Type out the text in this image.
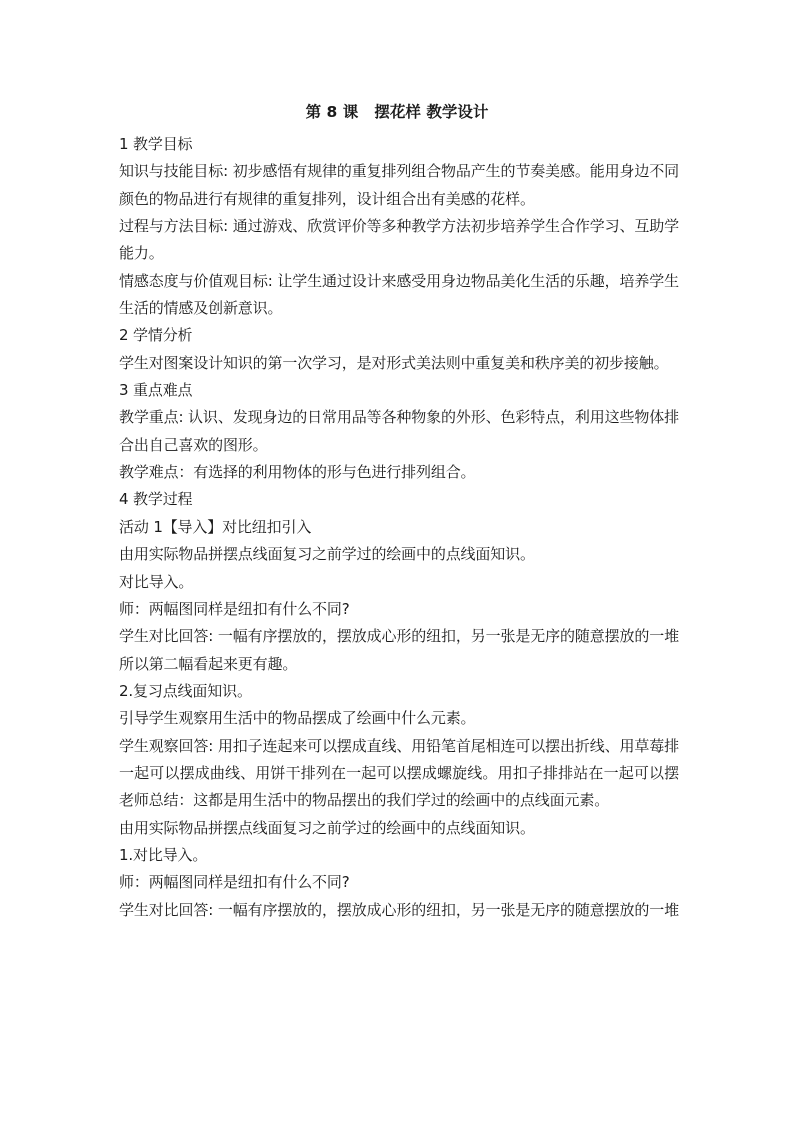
第 8 课   摆花样 教学设计
1 教学目标
知识与技能目标: 初步感悟有规律的重复排列组合物品产生的节奏美感。能用身边不同
颜色的物品进行有规律的重复排列，设计组合出有美感的花样。
过程与方法目标: 通过游戏、欣赏评价等多种教学方法初步培养学生合作学习、互助学
能力。
情感态度与价值观目标: 让学生通过设计来感受用身边物品美化生活的乐趣，培养学生
生活的情感及创新意识。
2 学情分析
学生对图案设计知识的第一次学习，是对形式美法则中重复美和秩序美的初步接触。
3 重点难点
教学重点: 认识、发现身边的日常用品等各种物象的外形、色彩特点，利用这些物体排
合出自己喜欢的图形。
教学难点：有选择的利用物体的形与色进行排列组合。
4 教学过程
活动 1【导入】对比纽扣引入
由用实际物品拼摆点线面复习之前学过的绘画中的点线面知识。
对比导入。
师：两幅图同样是纽扣有什么不同?
学生对比回答: 一幅有序摆放的，摆放成心形的纽扣，另一张是无序的随意摆放的一堆
所以第二幅看起来更有趣。
2.复习点线面知识。
引导学生观察用生活中的物品摆成了绘画中什么元素。
学生观察回答: 用扣子连起来可以摆成直线、用铅笔首尾相连可以摆出折线、用草莓排
一起可以摆成曲线、用饼干排列在一起可以摆成螺旋线。用扣子排排站在一起可以摆
老师总结：这都是用生活中的物品摆出的我们学过的绘画中的点线面元素。
由用实际物品拼摆点线面复习之前学过的绘画中的点线面知识。
1.对比导入。
师：两幅图同样是纽扣有什么不同?
学生对比回答: 一幅有序摆放的，摆放成心形的纽扣，另一张是无序的随意摆放的一堆
